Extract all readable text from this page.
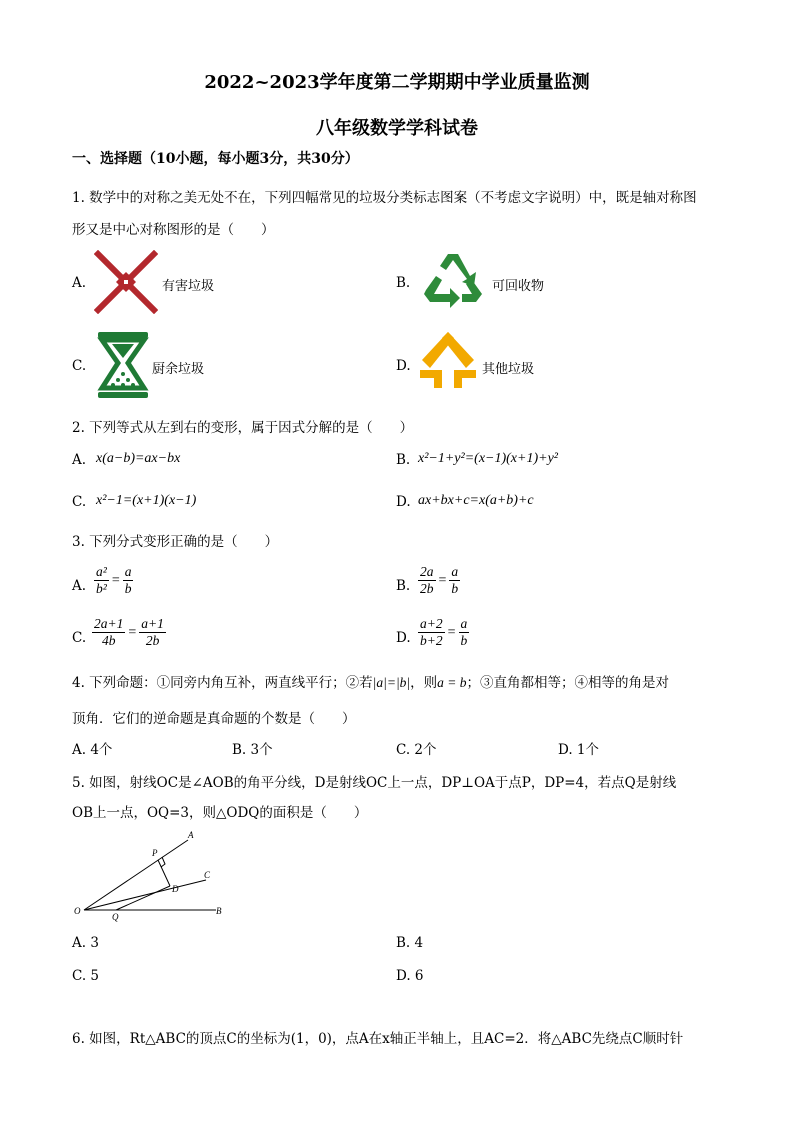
2022~2023学年度第二学期期中学业质量监测
八年级数学学科试卷
一、选择题（10小题，每小题3分，共30分）
1. 数学中的对称之美无处不在，下列四幅常见的垃圾分类标志图案（不考虑文字说明）中，既是轴对称图
形又是中心对称图形的是（　　）
A.	有害垃圾	B.	可回收物
C.	厨余垃圾	D.	其他垃圾
2. 下列等式从左到右的变形，属于因式分解的是（　　）
A. x(a−b)=ax−bx	B. x²−1+y²=(x−1)(x+1)+y²
C. x²−1=(x+1)(x−1)	D. ax+bx+c=x(a+b)+c
3. 下列分式变形正确的是（　　）
A. $\frac{\text{a²}}{\text{b²}} = \frac{a}{b}$	B. $\frac{2a}{2b} = \frac{a}{b}$
C. $\frac{2a+1}{4b} = \frac{a+1}{2b}$	D. $\frac{a+2}{b+2} = \frac{a}{b}$
4. 下列命题：①同旁内角互补，两直线平行；②若|a|=|b|，则a = b；③直角都相等；④相等的角是对
顶角．它们的逆命题是真命题的个数是（　　）
A. 4个	B. 3个	C. 2个	D. 1个
5. 如图，射线OC是∠AOB的角平分线，D是射线OC上一点，DP⊥OA于点P，DP=4，若点Q是射线
OB上一点，OQ=3，则△ODQ的面积是（　　）
A
P
C
D
O
Q
B
A. 3	B. 4
C. 5	D. 6
6. 如图，Rt△ABC的顶点C的坐标为(1，0)，点A在x轴正半轴上，且AC=2．将△ABC先绕点C顺时针
